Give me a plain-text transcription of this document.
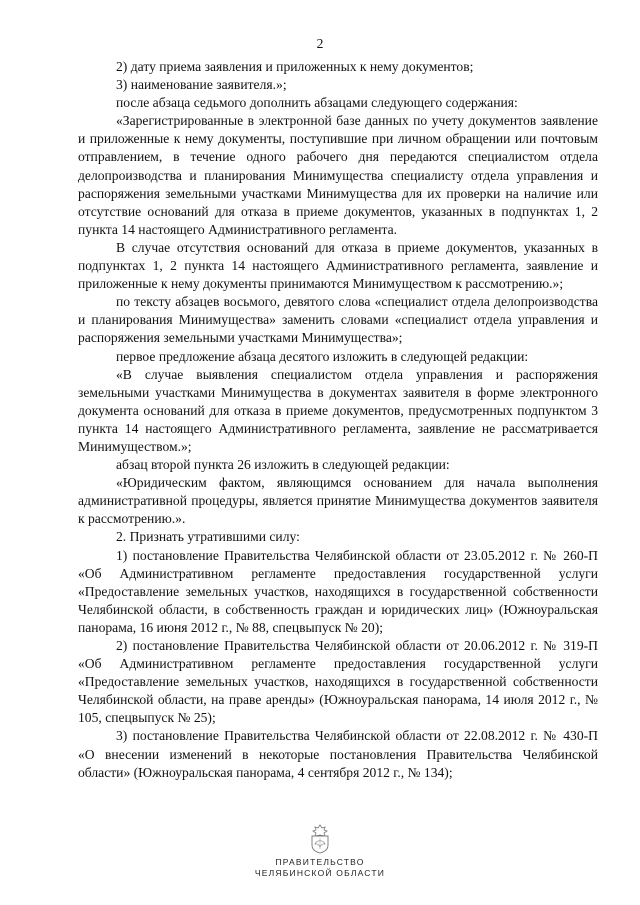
2

2) дату приема заявления и приложенных к нему документов;

3) наименование заявителя.»;

после абзаца седьмого дополнить абзацами следующего содержания:

«Зарегистрированные в электронной базе данных по учету документов заявление и приложенные к нему документы, поступившие при личном обращении или почтовым отправлением, в течение одного рабочего дня передаются специалистом отдела делопроизводства и планирования Минимущества специалисту отдела управления и распоряжения земельными участками Минимущества для их проверки на наличие или отсутствие оснований для отказа в приеме документов, указанных в подпунктах 1, 2 пункта 14 настоящего Административного регламента.

В случае отсутствия оснований для отказа в приеме документов, указанных в подпунктах 1, 2 пункта 14 настоящего Административного регламента, заявление и приложенные к нему документы принимаются Минимуществом к рассмотрению.»;

по тексту абзацев восьмого, девятого слова «специалист отдела делопроизводства и планирования Минимущества» заменить словами «специалист отдела управления и распоряжения земельными участками Минимущества»;

первое предложение абзаца десятого изложить в следующей редакции:

«В случае выявления специалистом отдела управления и распоряжения земельными участками Минимущества в документах заявителя в форме электронного документа оснований для отказа в приеме документов, предусмотренных подпунктом 3 пункта 14 настоящего Административного регламента, заявление не рассматривается Минимуществом.»;

абзац второй пункта 26 изложить в следующей редакции:

«Юридическим фактом, являющимся основанием для начала выполнения административной процедуры, является принятие Минимущества документов заявителя к рассмотрению.».

2. Признать утратившими силу:

1) постановление Правительства Челябинской области от 23.05.2012 г. № 260-П «Об Административном регламенте предоставления государственной услуги «Предоставление земельных участков, находящихся в государственной собственности Челябинской области, в собственность граждан и юридических лиц» (Южноуральская панорама, 16 июня 2012 г., № 88, спецвыпуск № 20);

2) постановление Правительства Челябинской области от 20.06.2012 г. № 319-П «Об Административном регламенте предоставления государственной услуги «Предоставление земельных участков, находящихся в государственной собственности Челябинской области, на праве аренды» (Южноуральская панорама, 14 июля 2012 г., № 105, спецвыпуск № 25);

3) постановление Правительства Челябинской области от 22.08.2012 г. № 430-П «О внесении изменений в некоторые постановления Правительства Челябинской области» (Южноуральская панорама, 4 сентября 2012 г., № 134);

ПРАВИТЕЛЬСТВО
ЧЕЛЯБИНСКОЙ ОБЛАСТИ
